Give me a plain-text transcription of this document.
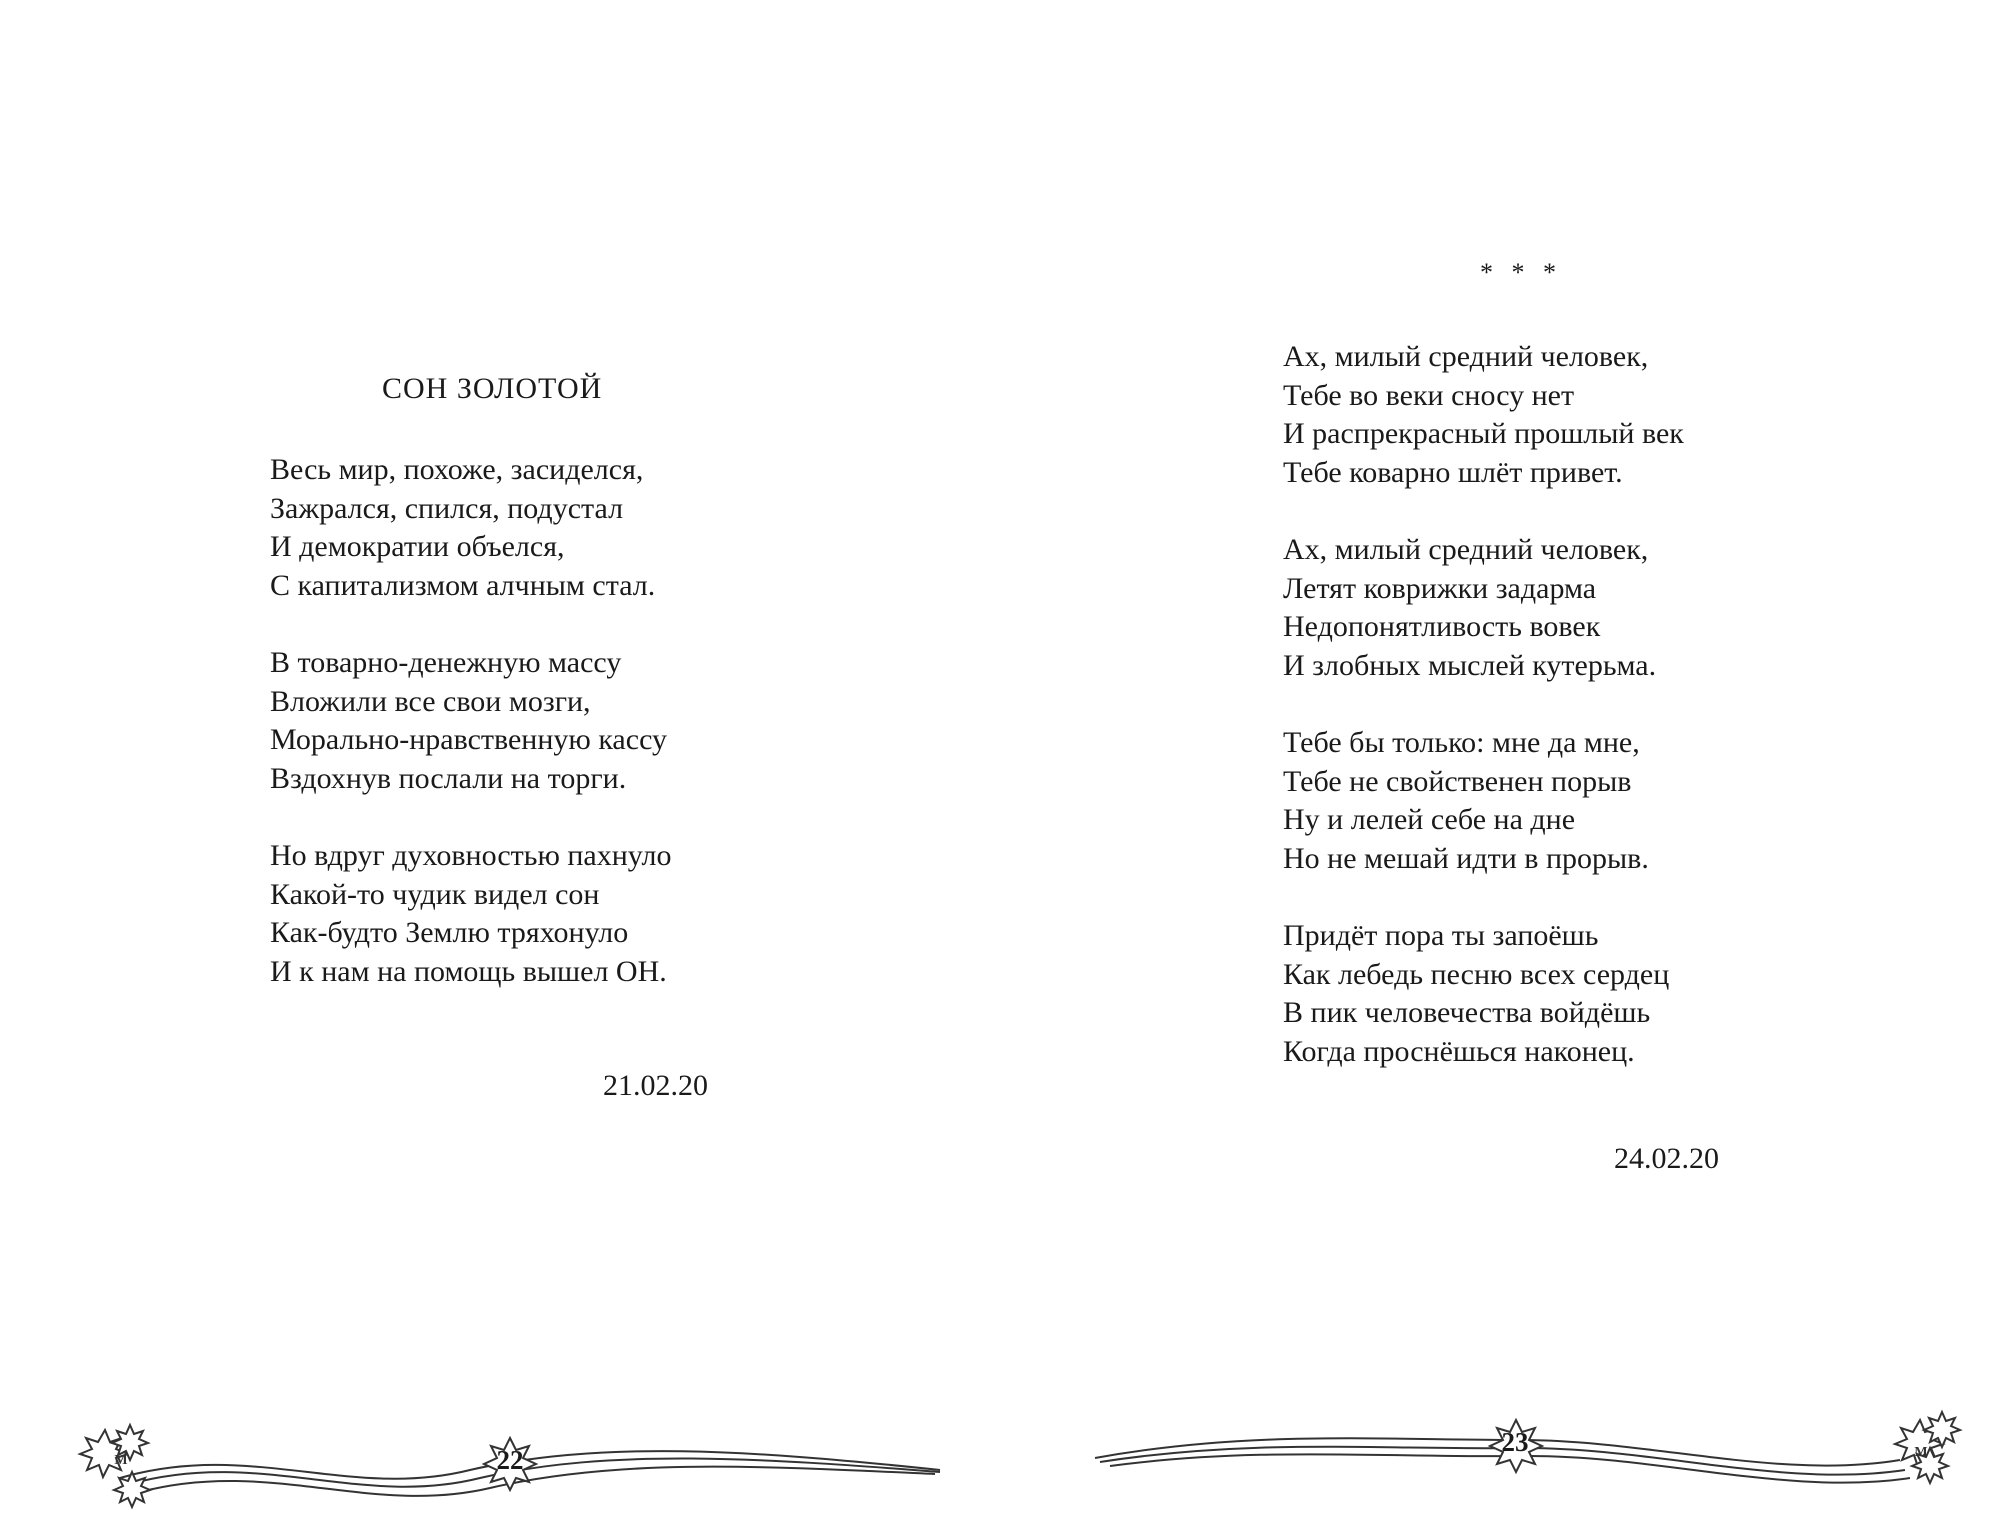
СОН ЗОЛОТОЙ
Весь мир, похоже, засиделся,
Зажрался, спился, подустал
И демократии объелся,
С капитализмом алчным стал.
В товарно-денежную массу
Вложили все свои мозги,
Морально-нравственную кассу
Вздохнув послали на торги.
Но вдруг духовностью пахнуло
Какой-то чудик видел сон
Как-будто Землю тряхонуло
И к нам на помощь вышел ОН.
21.02.20
* * *
Ах, милый средний человек,
Тебе во веки сносу нет
И распрекрасный прошлый век
Тебе коварно шлёт привет.
Ах, милый средний человек,
Летят коврижки задарма
Недопонятливость вовек
И злобных мыслей кутерьма.
Тебе бы только: мне да мне,
Тебе не свойственен порыв
Ну и лелей себе на дне
Но не мешай идти в прорыв.
Придёт пора ты запоёшь
Как лебедь песню всех сердец
В пик человечества войдёшь
Когда проснёшься наконец.
24.02.20
M	22	M
23
